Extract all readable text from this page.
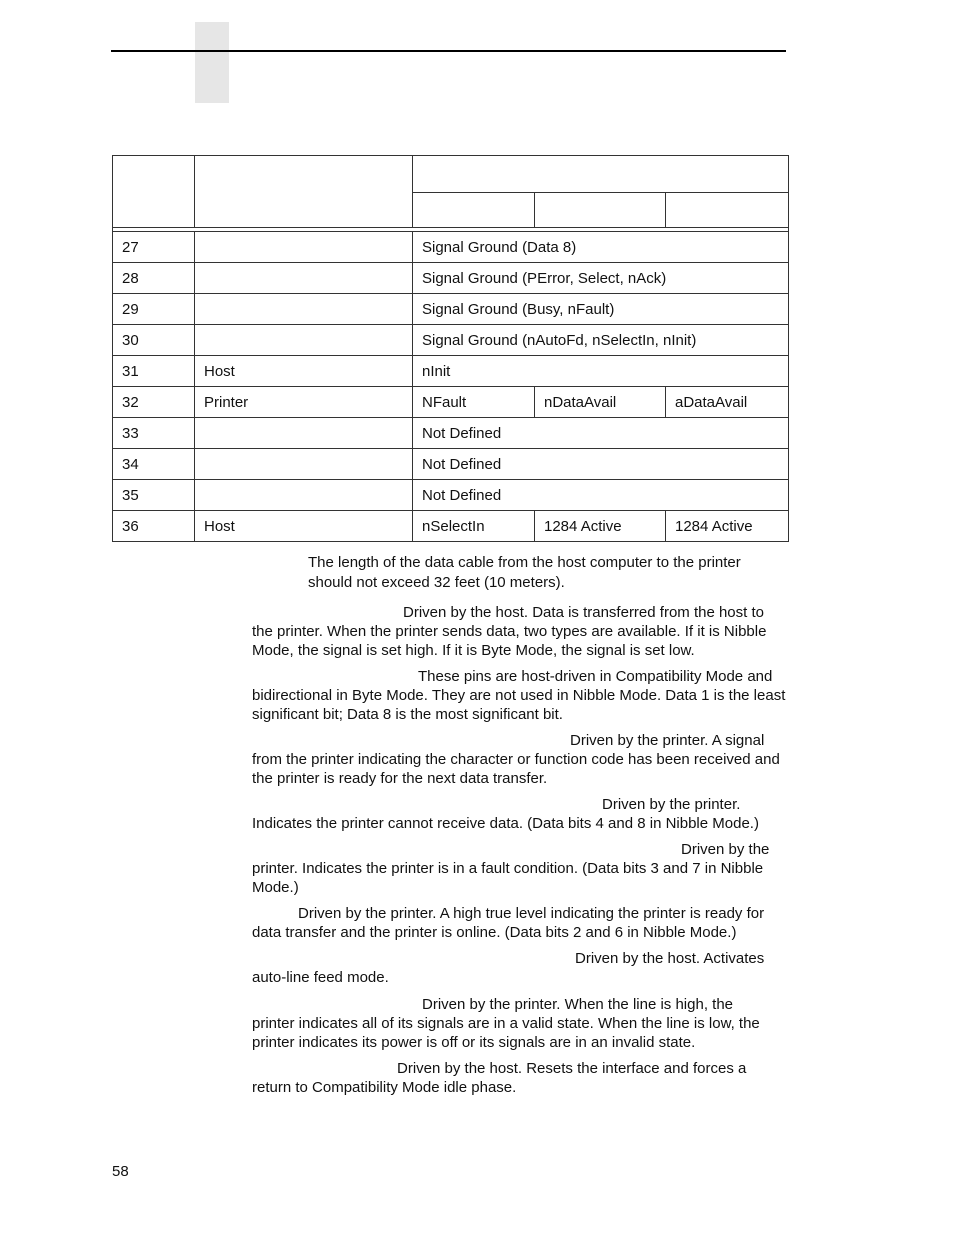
27		Signal Ground (Data 8)		
28		Signal Ground (PError, Select, nAck)		
29		Signal Ground (Busy, nFault)		
30		Signal Ground (nAutoFd, nSelectIn, nInit)		
31	Host	nInit		
32	Printer	NFault	nDataAvail	aDataAvail
33		Not Defined		
34		Not Defined		
35		Not Defined		
36	Host	nSelectIn	1284 Active	1284 Active
The length of the data cable from the host computer to the printer should not exceed 32 feet (10 meters).
Driven by the host. Data is transferred from the host to
the printer. When the printer sends data, two types are available. If it is Nibble Mode, the signal is set high. If it is Byte Mode, the signal is set low.
These pins are host-driven in Compatibility Mode and
bidirectional in Byte Mode. They are not used in Nibble Mode. Data 1 is the least significant bit; Data 8 is the most significant bit.
Driven by the printer. A signal
from the printer indicating the character or function code has been received and the printer is ready for the next data transfer.
Driven by the printer.
Indicates the printer cannot receive data. (Data bits 4 and 8 in Nibble Mode.)
Driven by the
printer. Indicates the printer is in a fault condition. (Data bits 3 and 7 in Nibble Mode.)
Driven by the printer. A high true level indicating the printer is ready for
data transfer and the printer is online. (Data bits 2 and 6 in Nibble Mode.)
Driven by the host. Activates
auto-line feed mode.
Driven by the printer. When the line is high, the
printer indicates all of its signals are in a valid state. When the line is low, the printer indicates its power is off or its signals are in an invalid state.
Driven by the host. Resets the interface and forces a
return to Compatibility Mode idle phase.
58
